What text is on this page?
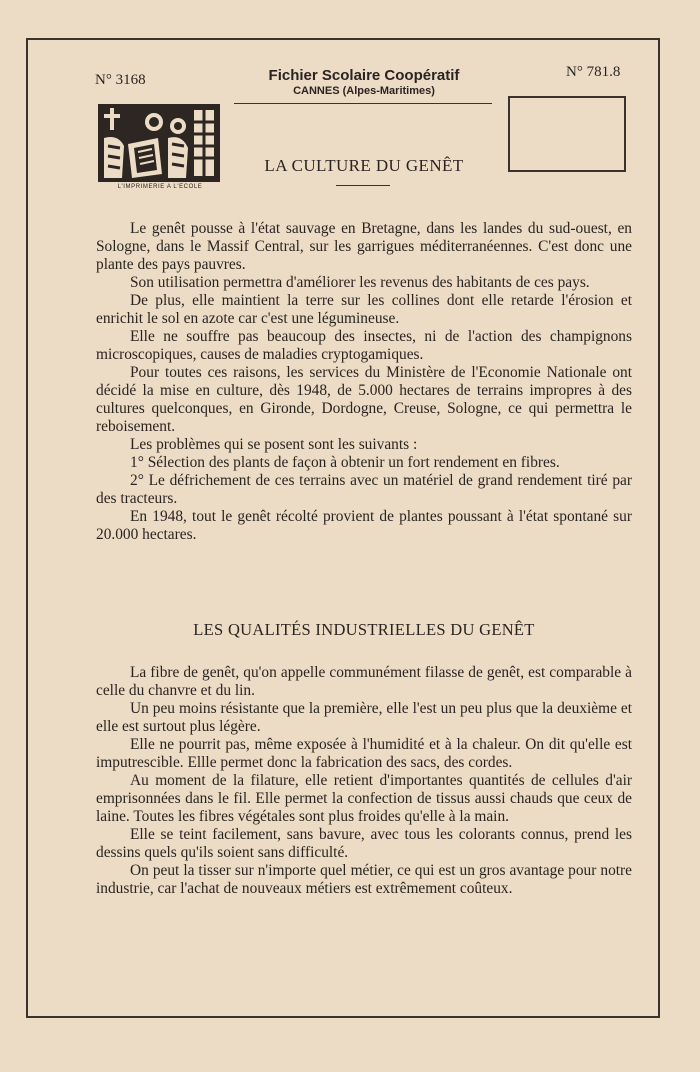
N° 3168	N° 781.8
Fichier Scolaire Coopératif
CANNES (Alpes-Maritimes)
L'IMPRIMERIE A L'ECOLE
LA CULTURE DU GENÊT

Le genêt pousse à l'état sauvage en Bretagne, dans les landes du sud-ouest, en Sologne, dans le Massif Central, sur les garrigues méditerranéennes. C'est donc une plante des pays pauvres.

Son utilisation permettra d'améliorer les revenus des habitants de ces pays.

De plus, elle maintient la terre sur les collines dont elle retarde l'érosion et enrichit le sol en azote car c'est une légumineuse.

Elle ne souffre pas beaucoup des insectes, ni de l'action des champignons microscopiques, causes de maladies cryptogamiques.

Pour toutes ces raisons, les services du Ministère de l'Economie Nationale ont décidé la mise en culture, dès 1948, de 5.000 hectares de terrains impropres à des cultures quelconques, en Gironde, Dordogne, Creuse, Sologne, ce qui permettra le reboisement.

Les problèmes qui se posent sont les suivants :

1° Sélection des plants de façon à obtenir un fort rendement en fibres.

2° Le défrichement de ces terrains avec un matériel de grand rendement tiré par des tracteurs.

En 1948, tout le genêt récolté provient de plantes poussant à l'état spontané sur 20.000 hectares.

LES QUALITÉS INDUSTRIELLES DU GENÊT

La fibre de genêt, qu'on appelle communément filasse de genêt, est comparable à celle du chanvre et du lin.

Un peu moins résistante que la première, elle l'est un peu plus que la deuxième et elle est surtout plus légère.

Elle ne pourrit pas, même exposée à l'humidité et à la chaleur. On dit qu'elle est imputrescible. Ellle permet donc la fabrication des sacs, des cordes.

Au moment de la filature, elle retient d'importantes quantités de cellules d'air emprisonnées dans le fil. Elle permet la confection de tissus aussi chauds que ceux de laine. Toutes les fibres végétales sont plus froides qu'elle à la main.

Elle se teint facilement, sans bavure, avec tous les colorants connus, prend les dessins quels qu'ils soient sans difficulté.

On peut la tisser sur n'importe quel métier, ce qui est un gros avantage pour notre industrie, car l'achat de nouveaux métiers est extrêmement coûteux.
